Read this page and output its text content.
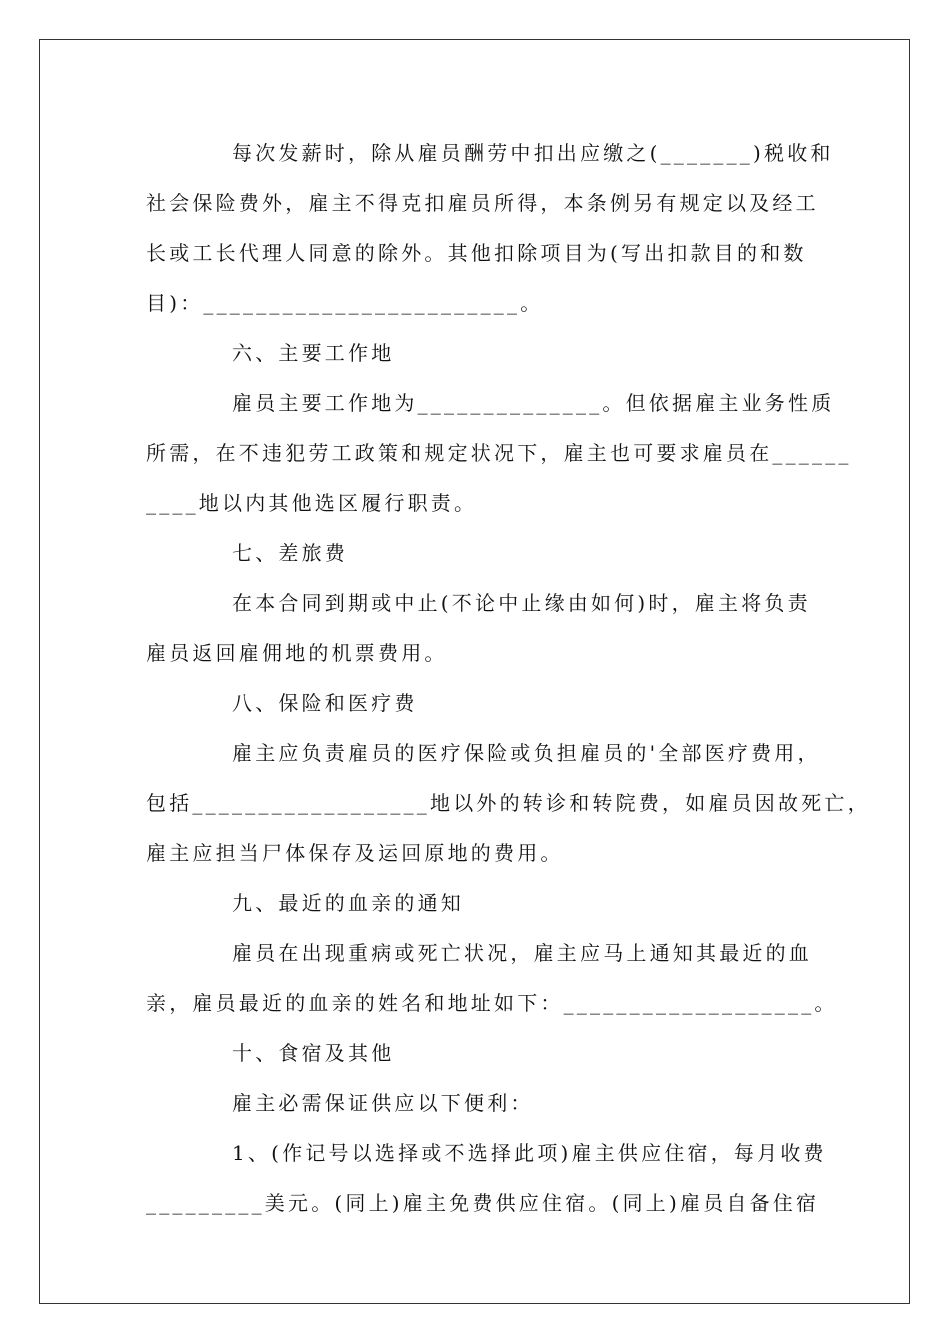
每次发薪时，除从雇员酬劳中扣出应缴之(_______)税收和
社会保险费外，雇主不得克扣雇员所得，本条例另有规定以及经工
长或工长代理人同意的除外。其他扣除项目为(写出扣款目的和数
目)：________________________。
六、主要工作地
雇员主要工作地为______________。但依据雇主业务性质
所需，在不违犯劳工政策和规定状况下，雇主也可要求雇员在______
____地以内其他选区履行职责。
七、差旅费
在本合同到期或中止(不论中止缘由如何)时，雇主将负责
雇员返回雇佣地的机票费用。
八、保险和医疗费
雇主应负责雇员的医疗保险或负担雇员的'全部医疗费用，
包括__________________地以外的转诊和转院费，如雇员因故死亡，
雇主应担当尸体保存及运回原地的费用。
九、最近的血亲的通知
雇员在出现重病或死亡状况，雇主应马上通知其最近的血
亲，雇员最近的血亲的姓名和地址如下：___________________。
十、食宿及其他
雇主必需保证供应以下便利：
1、(作记号以选择或不选择此项)雇主供应住宿，每月收费
_________美元。(同上)雇主免费供应住宿。(同上)雇员自备住宿
